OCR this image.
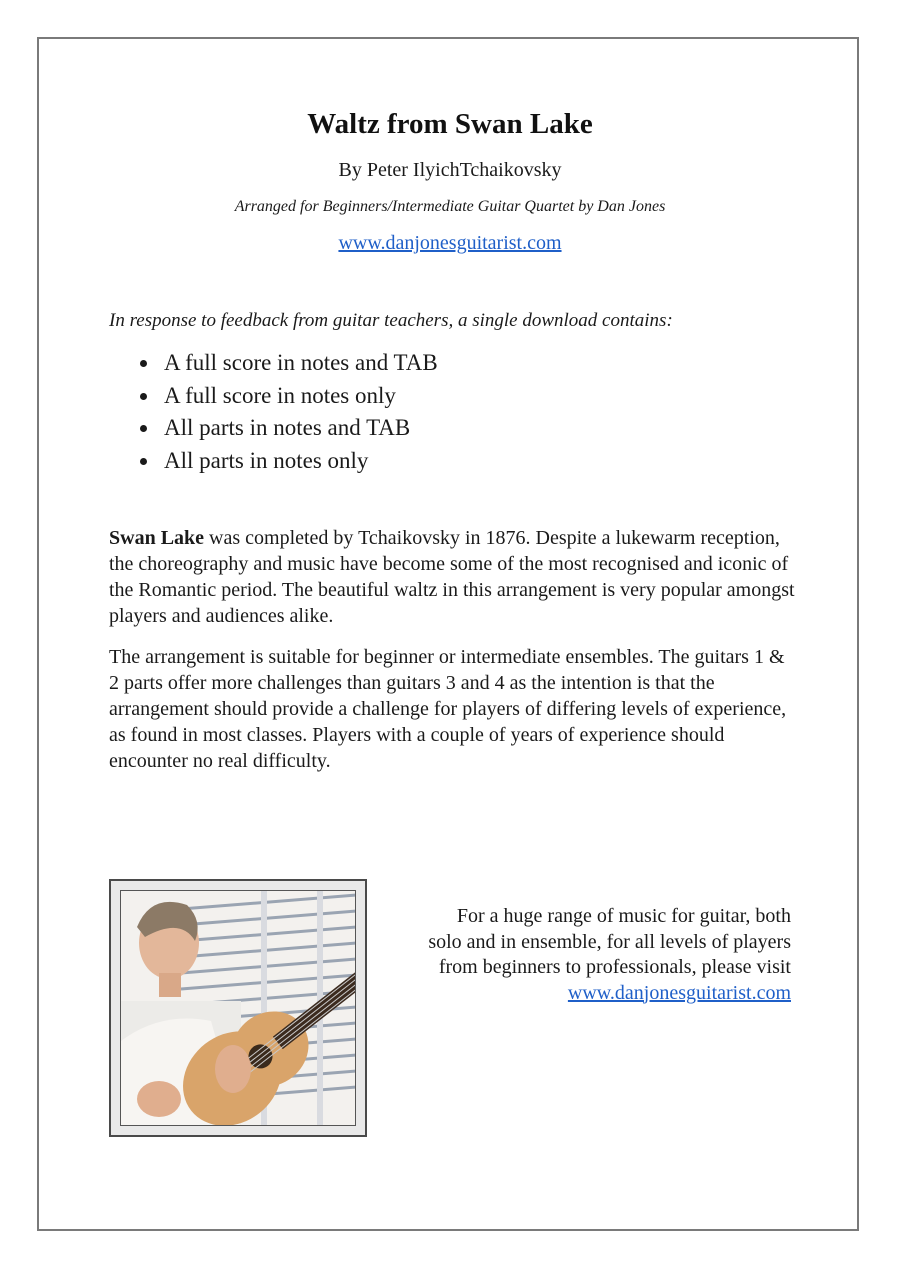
Waltz from Swan Lake
By Peter IlyichTchaikovsky
Arranged for Beginners/Intermediate Guitar Quartet by Dan Jones
www.danjonesguitarist.com
In response to feedback from guitar teachers, a single download contains:
A full score in notes and TAB
A full score in notes only
All parts in notes and TAB
All parts in notes only

Swan Lake was completed by Tchaikovsky in 1876. Despite a lukewarm reception, the choreography and music have become some of the most recognised and iconic of the Romantic period. The beautiful waltz in this arrangement is very popular amongst players and audiences alike.

The arrangement is suitable for beginner or intermediate ensembles. The guitars 1 & 2 parts offer more challenges than guitars 3 and 4 as the intention is that the arrangement should provide a challenge for players of differing levels of experience, as found in most classes. Players with a couple of years of experience should encounter no real difficulty.

For a huge range of music for guitar, both
solo and in ensemble, for all levels of players
from beginners to professionals, please visit
www.danjonesguitarist.com
